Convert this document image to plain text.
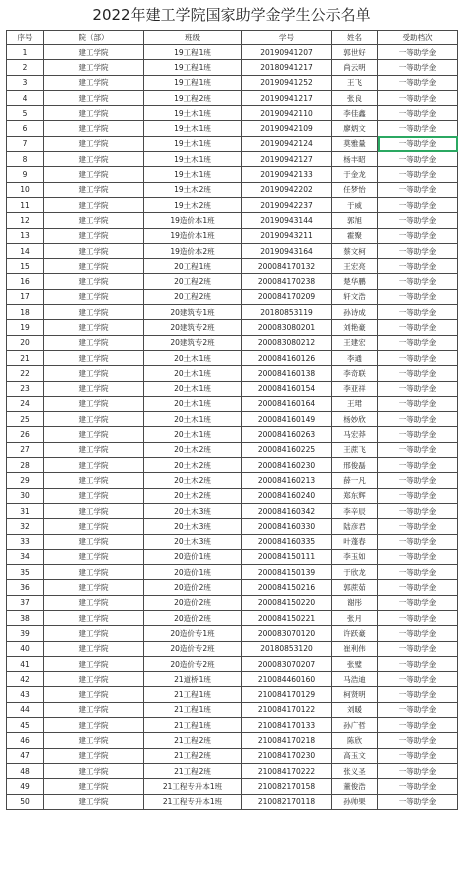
2022年建工学院国家助学金学生公示名单
序号	院（部）	班级	学号	姓名	受助档次
1	建工学院	19工程1班	20190941207	郭世好	一等助学金
2	建工学院	19工程1班	20180941217	尚云明	一等助学金
3	建工学院	19工程1班	20190941252	王飞	一等助学金
4	建工学院	19工程2班	20190941217	张良	一等助学金
5	建工学院	19土木1班	20190942110	李佳鑫	一等助学金
6	建工学院	19土木1班	20190942109	廖炳文	一等助学金
7	建工学院	19土木1班	20190942124	莫雅量	一等助学金
8	建工学院	19土木1班	20190942127	杨丰昭	一等助学金
9	建工学院	19土木1班	20190942133	于金龙	一等助学金
10	建工学院	19土木2班	20190942202	任梦怡	一等助学金
11	建工学院	19土木2班	20190942237	于威	一等助学金
12	建工学院	19造价本1班	20190943144	郭旭	一等助学金
13	建工学院	19造价本1班	20190943211	霍聚	一等助学金
14	建工学院	19造价本2班	20190943164	蔡文柯	一等助学金
15	建工学院	20工程1班	200084170132	王宏亮	一等助学金
16	建工学院	20工程2班	200084170238	楚华鹏	一等助学金
17	建工学院	20工程2班	200084170209	轩文浩	一等助学金
18	建工学院	20建筑专1班	2018085311​9	孙诗成	一等助学金
19	建工学院	20建筑专2班	200083080201	刘艳豪	一等助学金
20	建工学院	20建筑专2班	200083080212	王建宏	一等助学金
21	建工学院	20土木1班	200084160126	李通	一等助学金
22	建工学院	20土木1班	200084160138	李奇联	一等助学金
23	建工学院	20土木1班	200084160154	李亚祥	一等助学金
24	建工学院	20土木1班	200084160164	王珺	一等助学金
25	建工学院	20土木1班	200084160149	杨妙欣	一等助学金
26	建工学院	20土木1班	200084160263	马宏莽	一等助学金
27	建工学院	20土木2班	200084160225	王蔗飞	一等助学金
28	建工学院	20土木2班	200084160230	邢俊磊	一等助学金
29	建工学院	20土木2班	200084160213	薛一凡	一等助学金
30	建工学院	20土木2班	200084160240	郑东辉	一等助学金
31	建工学院	20土木3班	200084160342	李辛辰	一等助学金
32	建工学院	20土木3班	200084160330	陆彦君	一等助学金
33	建工学院	20土木3班	200084160335	叶蓬春	一等助学金
34	建工学院	20造价1班	200084150111	李玉如	一等助学金
35	建工学院	20造价1班	200084150139	于欣龙	一等助学金
36	建工学院	20造价2班	200084150216	郭蔗茹	一等助学金
37	建工学院	20造价2班	200084150220	谢彤	一等助学金
38	建工学院	20造价2班	200084150221	张月	一等助学金
39	建工学院	20造价专1班	200083070120	许跃豪	一等助学金
40	建工学院	20造价专2班	201808531​20	崔利伟	一等助学金
41	建工学院	20造价专2班	200083070207	张璧	一等助学金
42	建工学院	21道桥1班	210084460160	马浩迪	一等助学金
43	建工学院	21工程1班	210084170129	柯贤明	一等助学金
44	建工学院	21工程1班	210084170122	刘暖	一等助学金
45	建工学院	21工程1班	210084170133	孙广哲	一等助学金
46	建工学院	21工程2班	210084170218	陈欣	一等助学金
47	建工学院	21工程2班	210084170230	高玉文	一等助学金
48	建工学院	21工程2班	210084170222	张义圣	一等助学金
49	建工学院	21工程专升本1班	210082170158	董俊浩	一等助学金
50	建工学院	21工程专升本1班	210082170118	孙帅果	一等助学金
